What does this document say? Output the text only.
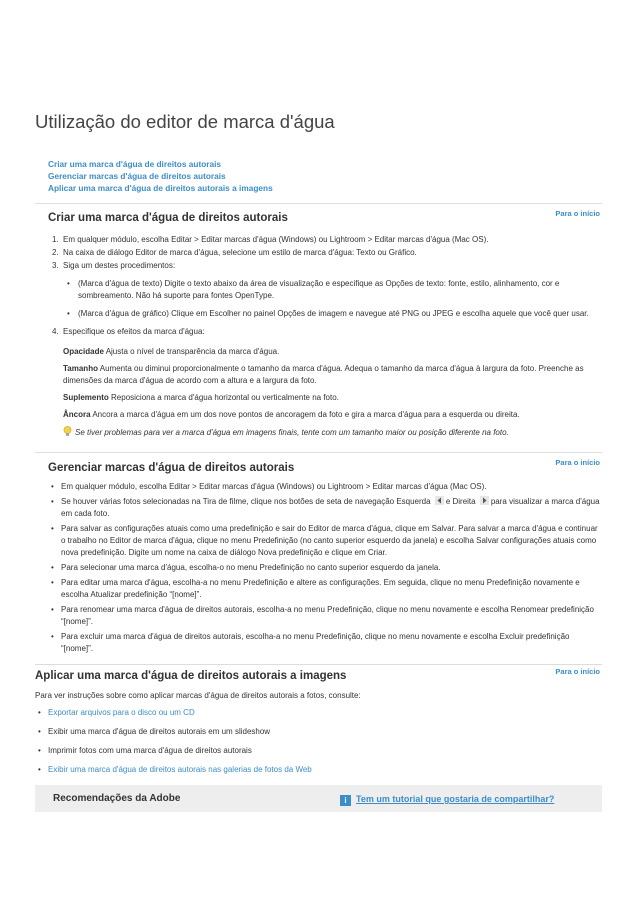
Utilização do editor de marca d'água
Criar uma marca d'água de direitos autorais
Gerenciar marcas d'água de direitos autorais
Aplicar uma marca d'água de direitos autorais a imagens
Para o início
Criar uma marca d'água de direitos autorais
1. Em qualquer módulo, escolha Editar > Editar marcas d'água (Windows) ou Lightroom > Editar marcas d'água (Mac OS).
2. Na caixa de diálogo Editor de marca d'água, selecione um estilo de marca d'água: Texto ou Gráfico.
3. Siga um destes procedimentos:
• (Marca d'água de texto) Digite o texto abaixo da área de visualização e especifique as Opções de texto: fonte, estilo, alinhamento, cor e sombreamento. Não há suporte para fontes OpenType.
• (Marca d'água de gráfico) Clique em Escolher no painel Opções de imagem e navegue até PNG ou JPEG e escolha aquele que você quer usar.
4. Especifique os efeitos da marca d'água:

Opacidade Ajusta o nível de transparência da marca d'água.

Tamanho Aumenta ou diminui proporcionalmente o tamanho da marca d'água. Adequa o tamanho da marca d'água à largura da foto. Preenche as dimensões da marca d'água de acordo com a altura e a largura da foto.

Suplemento Reposiciona a marca d'água horizontal ou verticalmente na foto.

Âncora Ancora a marca d'água em um dos nove pontos de ancoragem da foto e gira a marca d'água para a esquerda ou direita.

Se tiver problemas para ver a marca d'água em imagens finais, tente com um tamanho maior ou posição diferente na foto.
Para o início
Gerenciar marcas d'água de direitos autorais
• Em qualquer módulo, escolha Editar > Editar marcas d'água (Windows) ou Lightroom > Editar marcas d'água (Mac OS).
• Se houver várias fotos selecionadas na Tira de filme, clique nos botões de seta de navegação Esquerda e Direita para visualizar a marca d'água em cada foto.
• Para salvar as configurações atuais como uma predefinição e sair do Editor de marca d'água, clique em Salvar. Para salvar a marca d'água e continuar o trabalho no Editor de marca d'água, clique no menu Predefinição (no canto superior esquerdo da janela) e escolha Salvar configurações atuais como nova predefinição. Digite um nome na caixa de diálogo Nova predefinição e clique em Criar.
• Para selecionar uma marca d'água, escolha-o no menu Predefinição no canto superior esquerdo da janela.
• Para editar uma marca d'água, escolha-a no menu Predefinição e altere as configurações. Em seguida, clique no menu Predefinição novamente e escolha Atualizar predefinição “[nome]”.
• Para renomear uma marca d'água de direitos autorais, escolha-a no menu Predefinição, clique no menu novamente e escolha Renomear predefinição “[nome]”.
• Para excluir uma marca d'água de direitos autorais, escolha-a no menu Predefinição, clique no menu novamente e escolha Excluir predefinição “[nome]”.
Para o início
Aplicar uma marca d'água de direitos autorais a imagens

Para ver instruções sobre como aplicar marcas d'água de direitos autorais a fotos, consulte:

• Exportar arquivos para o disco ou um CD
• Exibir uma marca d'água de direitos autorais em um slideshow
• Imprimir fotos com uma marca d'água de direitos autorais
• Exibir uma marca d'água de direitos autorais nas galerias de fotos da Web
Recomendações da Adobe	i Tem um tutorial que gostaria de compartilhar?
